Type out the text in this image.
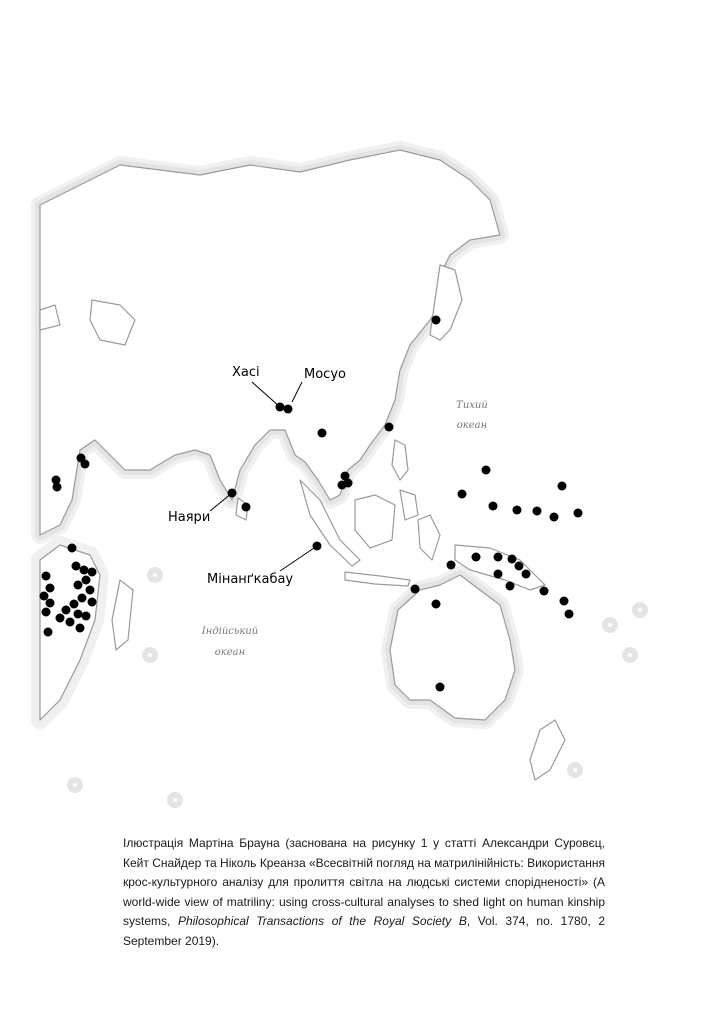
Хасі	Мосуо
Наяри
Мінанґкабау
Тихий
океан
Індійський
океан
Ілюстрація Мартіна Брауна (заснована на рисунку 1 у статті Александри Суровєц, Кейт Снайдер та Ніколь Креанза «Всесвітній погляд на матрилінійність: Використання крос-культурного аналізу для пролиття світла на людські системи спорідненості» (A world-wide view of matriliny: using cross-cultural analyses to shed light on human kinship systems, Philosophical Transactions of the Royal Society B, Vol. 374, no. 1780, 2 September 2019).
